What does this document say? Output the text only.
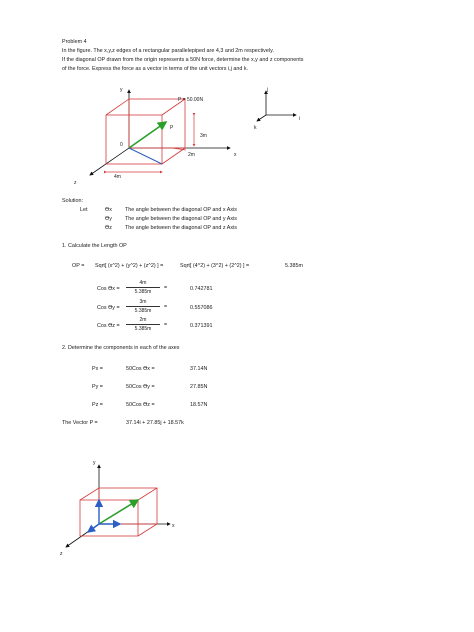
Problem 4
In the figure. The x,y,z edges of a rectangular parallelepiped are 4,3 and 2m respectively.
If the diagonal OP drawn from the origin represents a 50N force, determine the x,y and z components
of the force. Express the force as a vector in terms of the unit vectors i,j and k.
y
x
z
0
P
P = 50.00N
3m
2m
4m
j
i
k
Solution:
Let	ϴx The angle between the diagonal OP and x Axis
ϴy The angle between the diagonal OP and y Axis
ϴz The angle between the diagonal OP and z Axis
1. Calculate the Length OP
OP = Sqrt[ (x^2) + (y^2) + (z^2) ] =	Sqrt[ (4^2) + (3^2) + (2^2) ] =	5.385m
Cos $ϴx = \frac{4m}{5.385m}$ =	0.742781
Cos $ϴy = \frac{3m}{5.385m}$ =	0.557086
Cos $ϴz = \frac{2m}{5.385m}$ =	0.371391
2. Determine the components in each of the axes
Px =	50Cos ϴx =	37.14N
Py =	50Cos ϴy =	27.85N
Pz =	50Cos ϴz =	18.57N
The Vector P =	37.14i + 27.85j + 18.57k
y
x
z
